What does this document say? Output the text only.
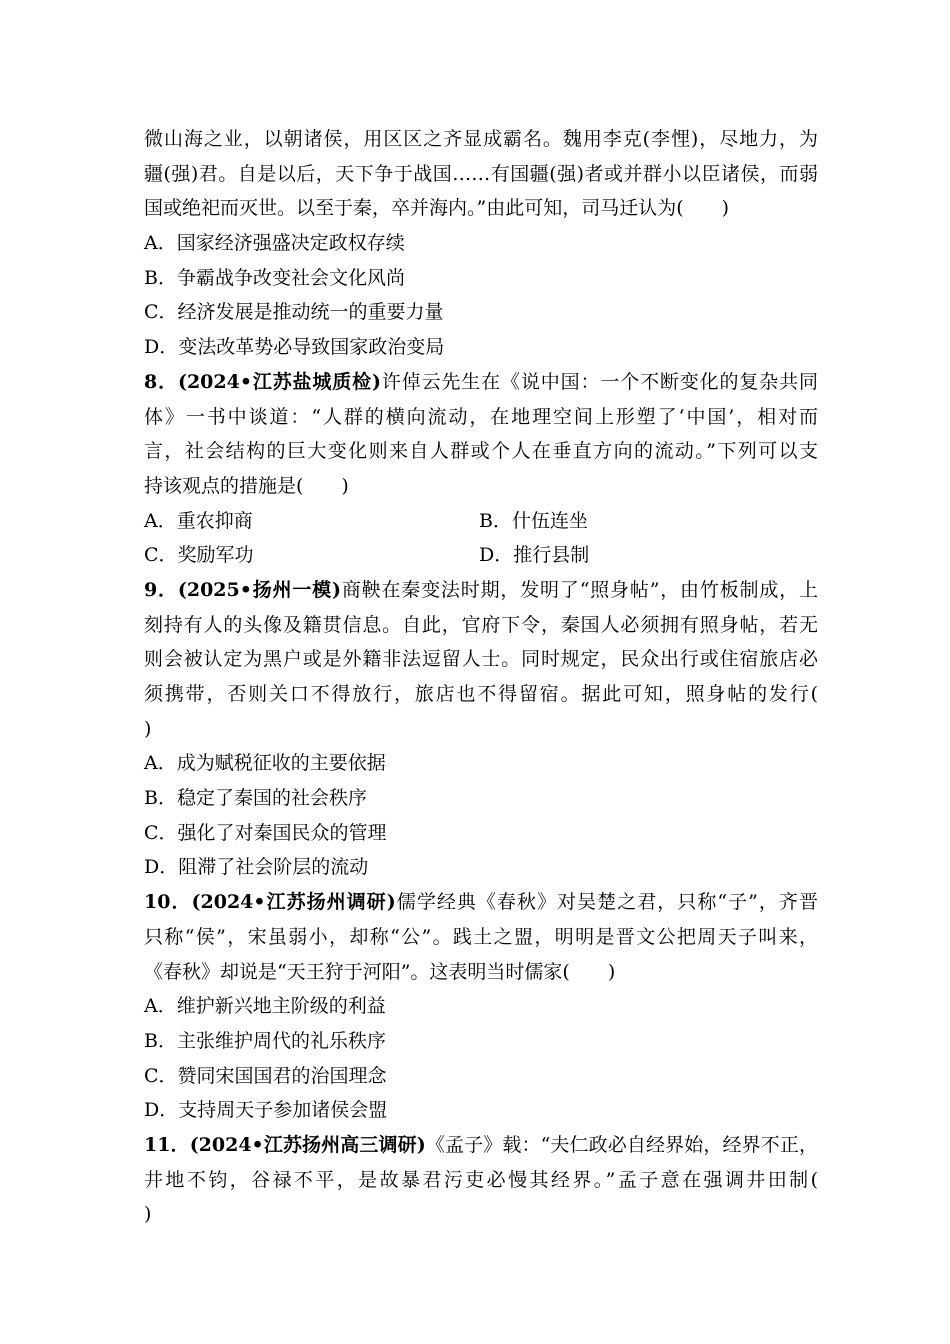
微山海之业，以朝诸侯，用区区之齐显成霸名。魏用李克(李悝)，尽地力，为
疆(强)君。自是以后，天下争于战国……有国疆(强)者或并群小以臣诸侯，而弱
国或绝祀而灭世。以至于秦，卒并海内。”由此可知，司马迁认为(　　)
A．国家经济强盛决定政权存续
B．争霸战争改变社会文化风尚
C．经济发展是推动统一的重要力量
D．变法改革势必导致国家政治变局
8．(2024•江苏盐城质检)许倬云先生在《说中国：一个不断变化的复杂共同
体》一书中谈道：“人群的横向流动，在地理空间上形塑了‘中国’，相对而
言，社会结构的巨大变化则来自人群或个人在垂直方向的流动。”下列可以支
持该观点的措施是(　　)
A．重农抑商	B．什伍连坐
C．奖励军功	D．推行县制
9．(2025•扬州一模)商鞅在秦变法时期，发明了“照身帖”，由竹板制成，上
刻持有人的头像及籍贯信息。自此，官府下令，秦国人必须拥有照身帖，若无
则会被认定为黑户或是外籍非法逗留人士。同时规定，民众出行或住宿旅店必
须携带，否则关口不得放行，旅店也不得留宿。据此可知，照身帖的发行(
)
A．成为赋税征收的主要依据
B．稳定了秦国的社会秩序
C．强化了对秦国民众的管理
D．阻滞了社会阶层的流动
10．(2024•江苏扬州调研)儒学经典《春秋》对吴楚之君，只称“子”，齐晋
只称“侯”，宋虽弱小，却称“公”。践土之盟，明明是晋文公把周天子叫来，
《春秋》却说是“天王狩于河阳”。这表明当时儒家(　　)
A．维护新兴地主阶级的利益
B．主张维护周代的礼乐秩序
C．赞同宋国国君的治国理念
D．支持周天子参加诸侯会盟
11．(2024•江苏扬州高三调研)《孟子》载：“夫仁政必自经界始，经界不正，
井地不钧，谷禄不平，是故暴君污吏必慢其经界。”孟子意在强调井田制(
)
